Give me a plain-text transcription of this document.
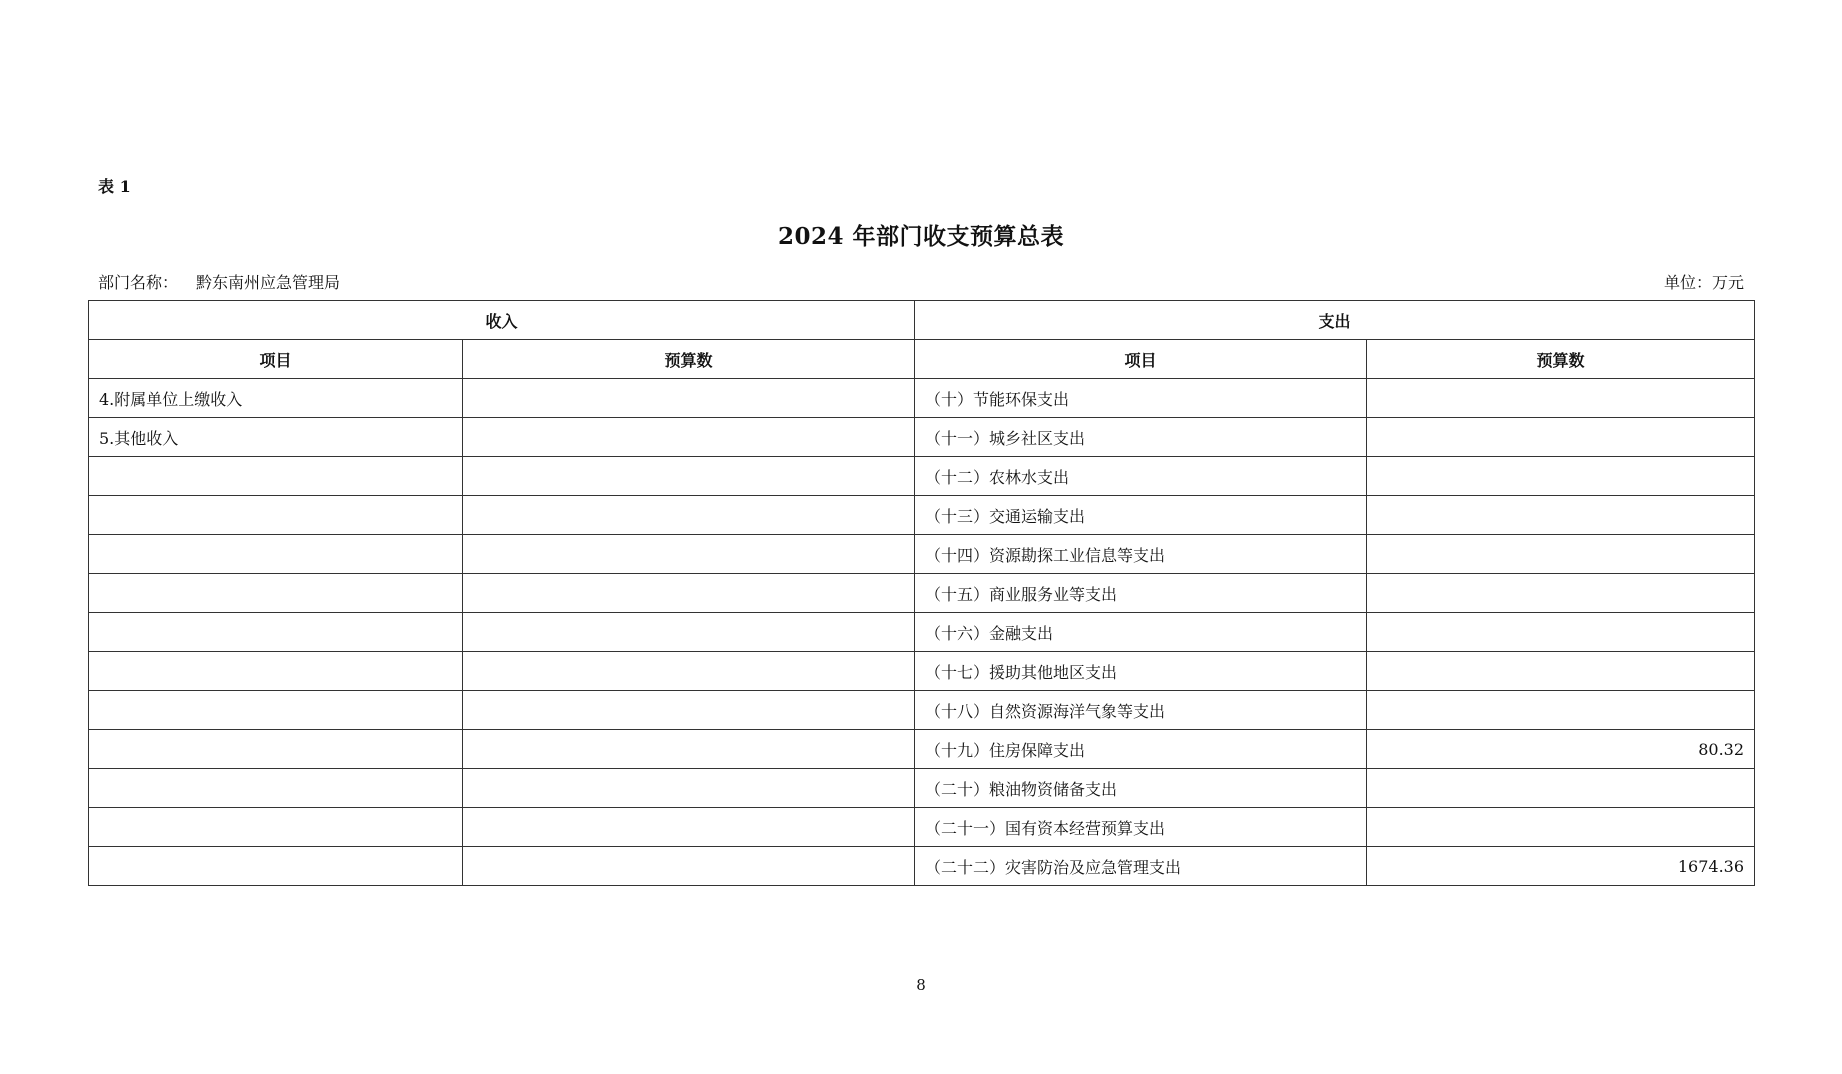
表 1
2024 年部门收支预算总表
部门名称： 黔东南州应急管理局	单位：万元
收入		支出	
项目	预算数	项目	预算数
4.附属单位上缴收入		（十）节能环保支出	
5.其他收入		（十一）城乡社区支出	
		（十二）农林水支出	
		（十三）交通运输支出	
		（十四）资源勘探工业信息等支出	
		（十五）商业服务业等支出	
		（十六）金融支出	
		（十七）援助其他地区支出	
		（十八）自然资源海洋气象等支出	
		（十九）住房保障支出	80.32
		（二十）粮油物资储备支出	
		（二十一）国有资本经营预算支出	
		（二十二）灾害防治及应急管理支出	1674.36
8
